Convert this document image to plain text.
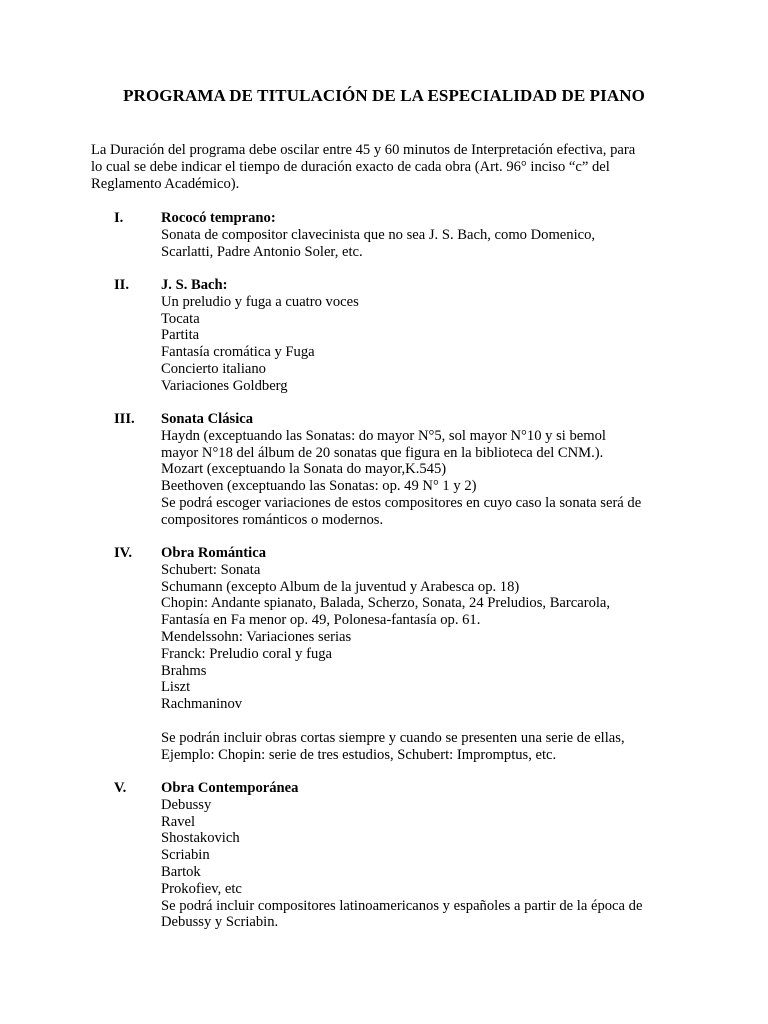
PROGRAMA DE TITULACIÓN DE LA ESPECIALIDAD DE PIANO
La Duración del programa debe oscilar entre 45 y 60 minutos de Interpretación efectiva, para
lo cual se debe indicar el tiempo de duración exacto de cada obra (Art. 96° inciso “c” del
Reglamento Académico).
I.	Rococó temprano:
Sonata de compositor clavecinista que no sea J. S. Bach, como Domenico,
Scarlatti, Padre Antonio Soler, etc.
II. J. S. Bach:
Un preludio y fuga a cuatro voces
Tocata
Partita
Fantasía cromática y Fuga
Concierto italiano
Variaciones Goldberg
III. Sonata Clásica
Haydn (exceptuando las Sonatas: do mayor N°5, sol mayor N°10 y si bemol
mayor N°18 del álbum de 20 sonatas que figura en la biblioteca del CNM.).
Mozart (exceptuando la Sonata do mayor,K.545)
Beethoven (exceptuando las Sonatas: op. 49 N° 1 y 2)
Se podrá escoger variaciones de estos compositores en cuyo caso la sonata será de
compositores románticos o modernos.
IV. Obra Romántica
Schubert: Sonata
Schumann (excepto Album de la juventud y Arabesca op. 18)
Chopin: Andante spianato, Balada, Scherzo, Sonata, 24 Preludios, Barcarola,
Fantasía en Fa menor op. 49, Polonesa-fantasía op. 61.
Mendelssohn: Variaciones serias
Franck: Preludio coral y fuga
Brahms
Liszt
Rachmaninov
Se podrán incluir obras cortas siempre y cuando se presenten una serie de ellas,
Ejemplo: Chopin: serie de tres estudios, Schubert: Impromptus, etc.
V. Obra Contemporánea
Debussy
Ravel
Shostakovich
Scriabin
Bartok
Prokofiev, etc
Se podrá incluir compositores latinoamericanos y españoles a partir de la época de
Debussy y Scriabin.
